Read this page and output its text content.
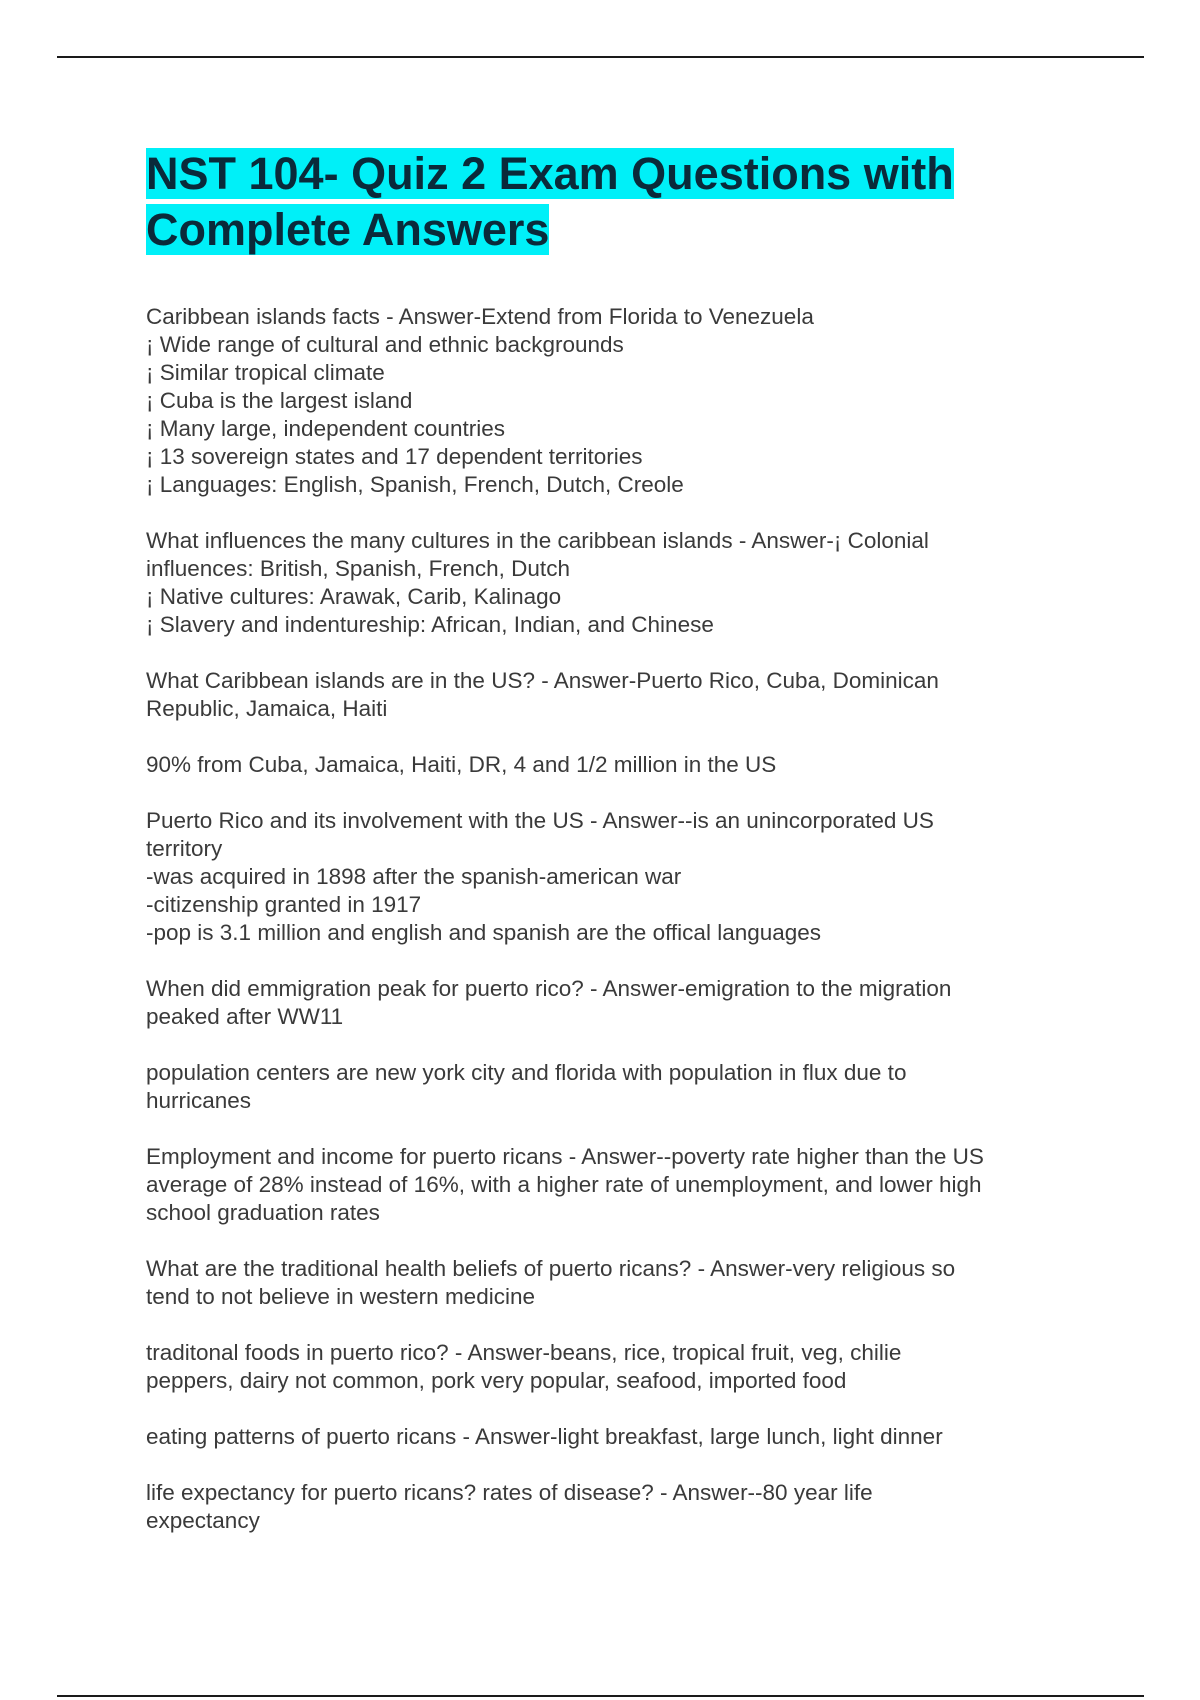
NST 104- Quiz 2 Exam Questions with
Complete Answers
Caribbean islands facts - Answer-Extend from Florida to Venezuela
¡ Wide range of cultural and ethnic backgrounds
¡ Similar tropical climate
¡ Cuba is the largest island
¡ Many large, independent countries
¡ 13 sovereign states and 17 dependent territories
¡ Languages: English, Spanish, French, Dutch, Creole
What influences the many cultures in the caribbean islands - Answer-¡ Colonial
influences: British, Spanish, French, Dutch
¡ Native cultures: Arawak, Carib, Kalinago
¡ Slavery and indentureship: African, Indian, and Chinese
What Caribbean islands are in the US? - Answer-Puerto Rico, Cuba, Dominican
Republic, Jamaica, Haiti
90% from Cuba, Jamaica, Haiti, DR, 4 and 1/2 million in the US
Puerto Rico and its involvement with the US - Answer--is an unincorporated US
territory
-was acquired in 1898 after the spanish-american war
-citizenship granted in 1917
-pop is 3.1 million and english and spanish are the offical languages
When did emmigration peak for puerto rico? - Answer-emigration to the migration
peaked after WW11
population centers are new york city and florida with population in flux due to
hurricanes
Employment and income for puerto ricans - Answer--poverty rate higher than the US
average of 28% instead of 16%, with a higher rate of unemployment, and lower high
school graduation rates
What are the traditional health beliefs of puerto ricans? - Answer-very religious so
tend to not believe in western medicine
traditonal foods in puerto rico? - Answer-beans, rice, tropical fruit, veg, chilie
peppers, dairy not common, pork very popular, seafood, imported food
eating patterns of puerto ricans - Answer-light breakfast, large lunch, light dinner
life expectancy for puerto ricans? rates of disease? - Answer--80 year life
expectancy
